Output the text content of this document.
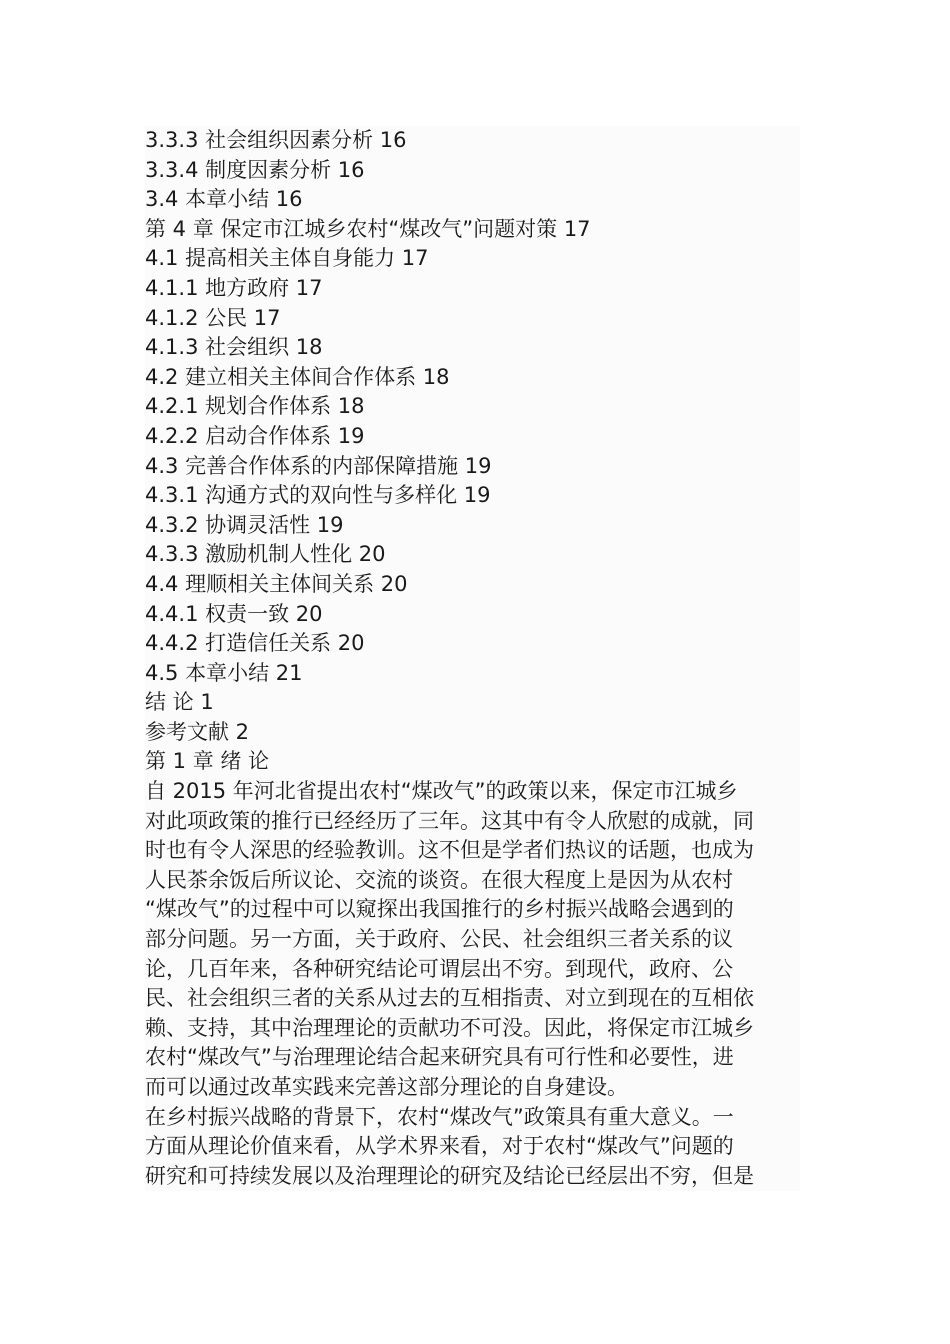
3.3.3 社会组织因素分析 16
3.3.4 制度因素分析 16
3.4 本章小结 16
第 4 章 保定市江城乡农村“煤改气”问题对策 17
4.1 提高相关主体自身能力 17
4.1.1 地方政府 17
4.1.2 公民 17
4.1.3 社会组织 18
4.2 建立相关主体间合作体系 18
4.2.1 规划合作体系 18
4.2.2 启动合作体系 19
4.3 完善合作体系的内部保障措施 19
4.3.1 沟通方式的双向性与多样化 19
4.3.2 协调灵活性 19
4.3.3 激励机制人性化 20
4.4 理顺相关主体间关系 20
4.4.1 权责一致 20
4.4.2 打造信任关系 20
4.5 本章小结 21
结 论 1
参考文献 2
第 1 章 绪 论
自 2015 年河北省提出农村“煤改气”的政策以来，保定市江城乡
对此项政策的推行已经经历了三年。这其中有令人欣慰的成就，同
时也有令人深思的经验教训。这不但是学者们热议的话题，也成为
人民茶余饭后所议论、交流的谈资。在很大程度上是因为从农村
“煤改气”的过程中可以窥探出我国推行的乡村振兴战略会遇到的
部分问题。另一方面，关于政府、公民、社会组织三者关系的议
论，几百年来，各种研究结论可谓层出不穷。到现代，政府、公
民、社会组织三者的关系从过去的互相指责、对立到现在的互相依
赖、支持，其中治理理论的贡献功不可没。因此，将保定市江城乡
农村“煤改气”与治理理论结合起来研究具有可行性和必要性，进
而可以通过改革实践来完善这部分理论的自身建设。
在乡村振兴战略的背景下，农村“煤改气”政策具有重大意义。一
方面从理论价值来看，从学术界来看，对于农村“煤改气”问题的
研究和可持续发展以及治理理论的研究及结论已经层出不穷，但是
